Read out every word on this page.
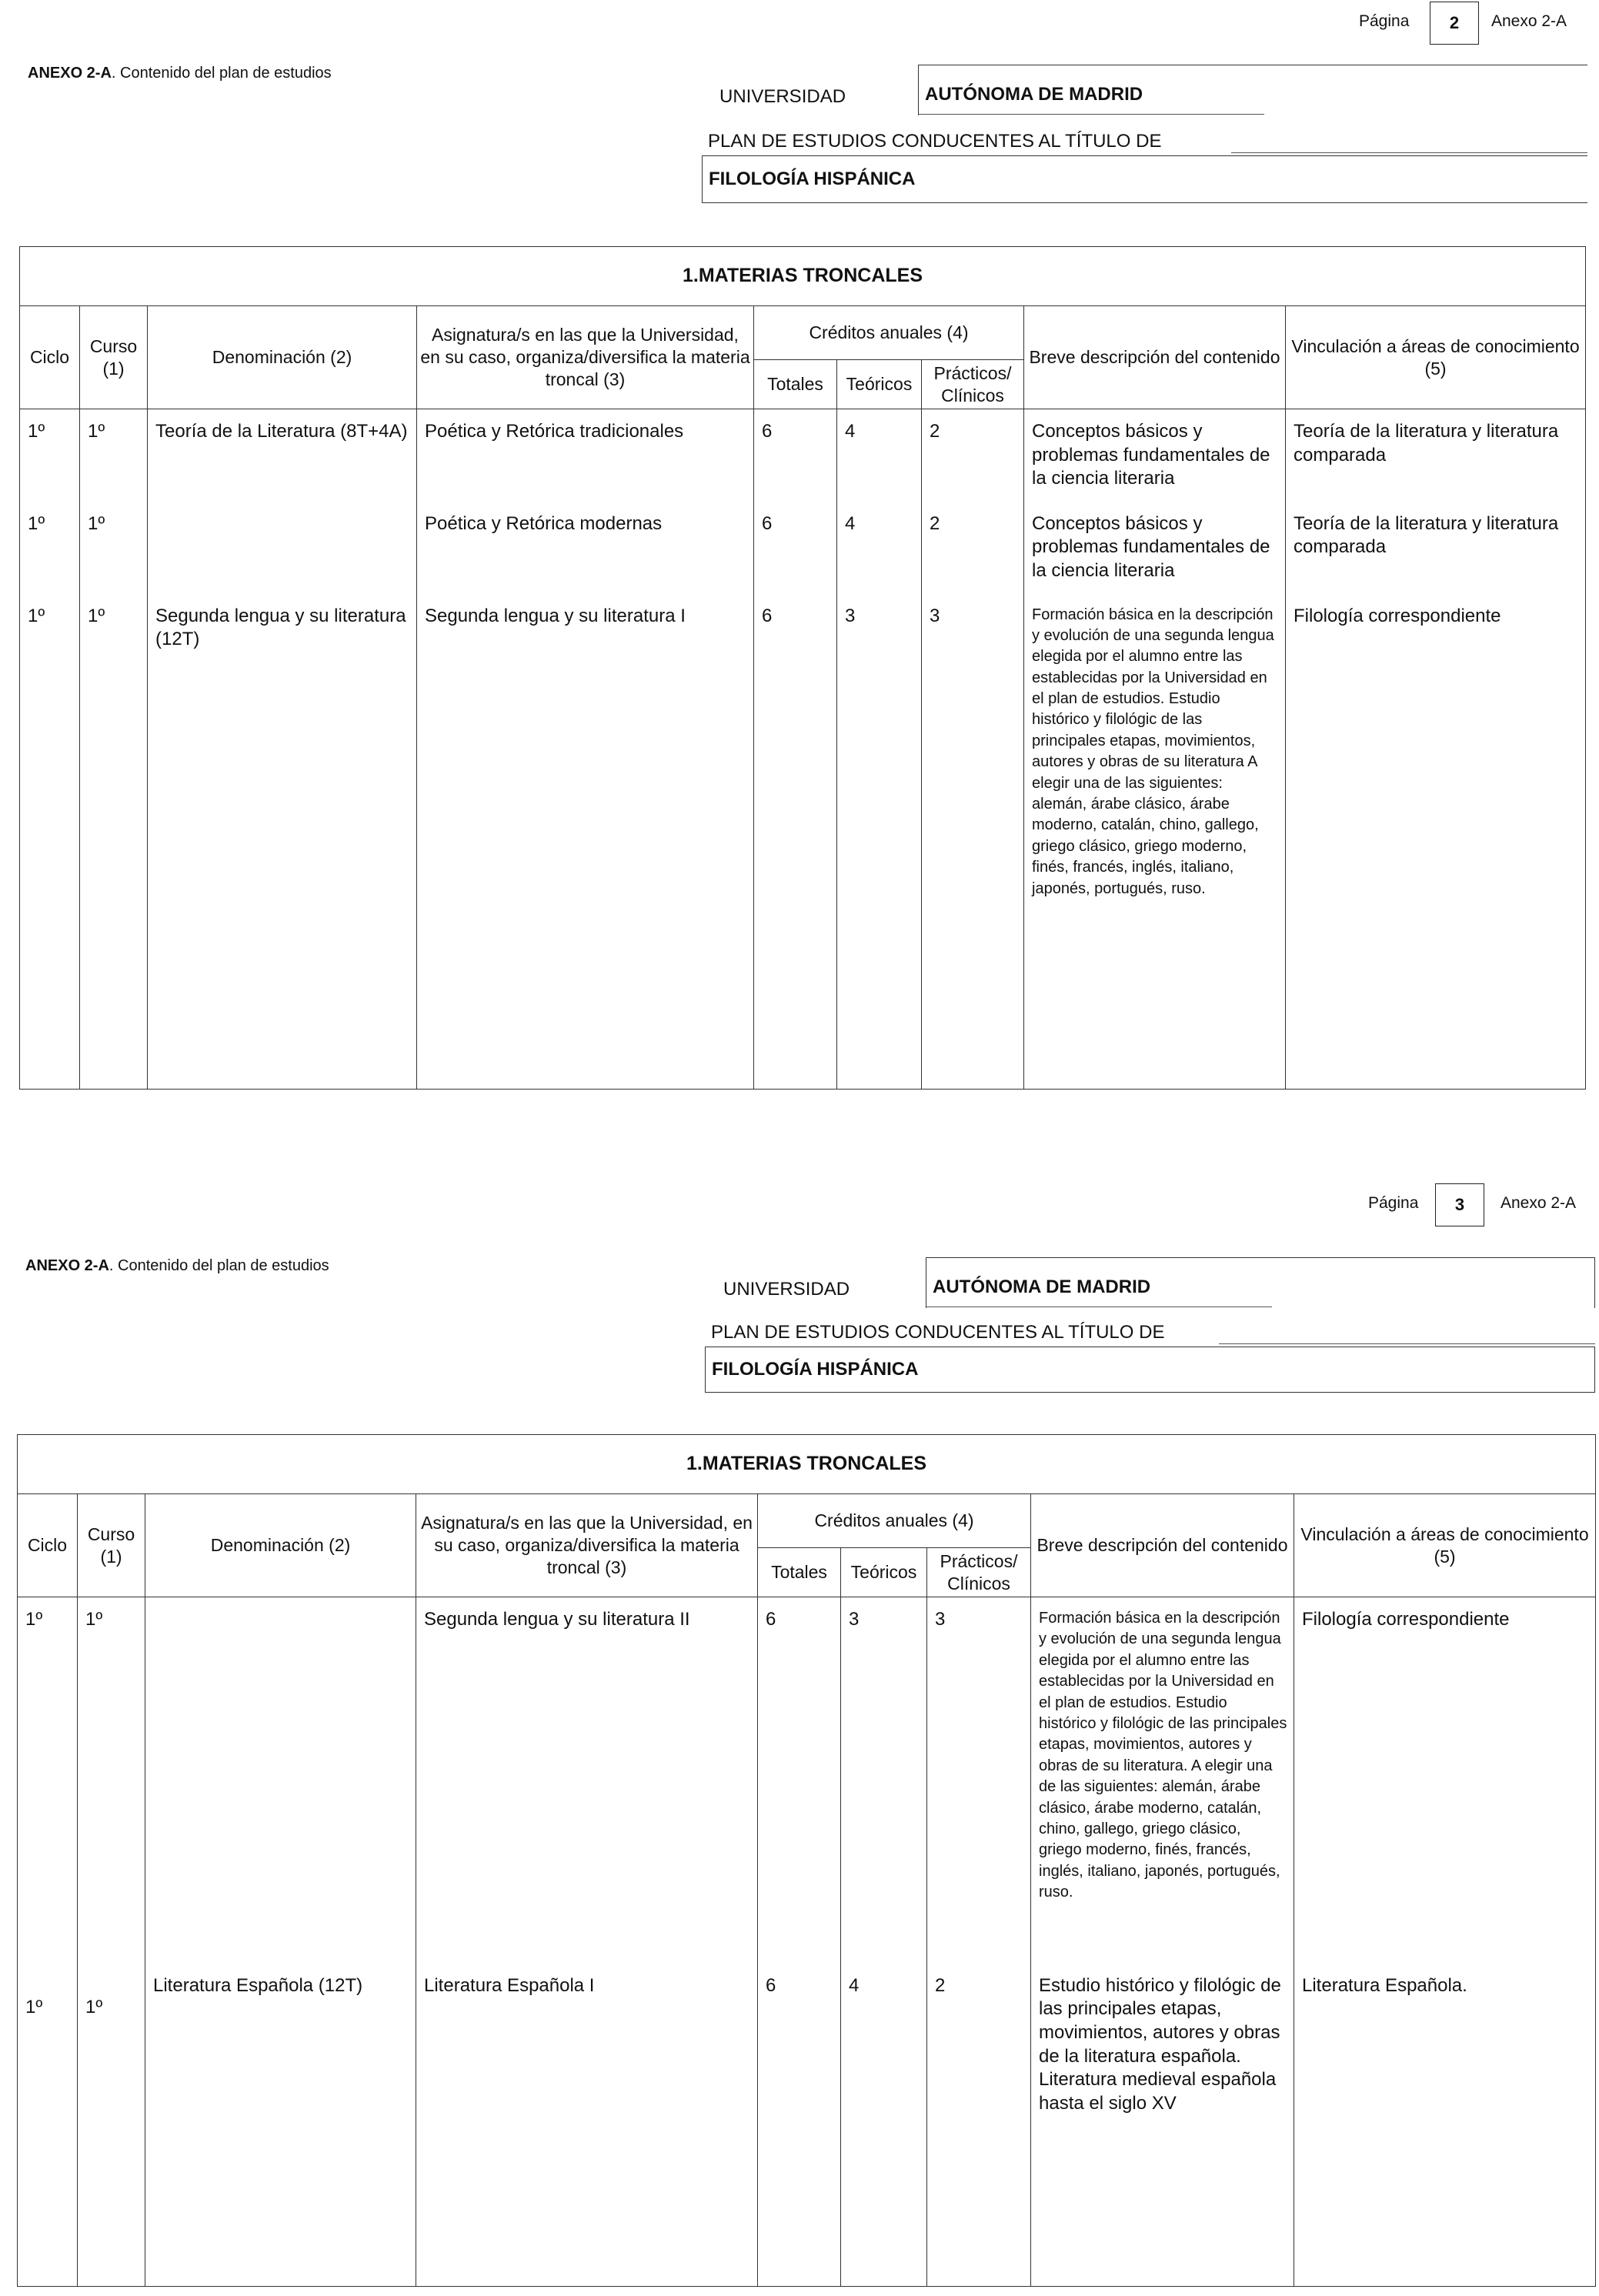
Página	2	Anexo 2-A
ANEXO 2-A. Contenido del plan de estudios
UNIVERSIDAD	AUTÓNOMA DE MADRID
PLAN DE ESTUDIOS CONDUCENTES AL TÍTULO DE
FILOLOGÍA HISPÁNICA
1.MATERIAS TRONCALES								
Ciclo	Curso (1)	Denominación (2)	Asignatura/s en las que la Universidad, en su caso, organiza/diversifica la materia troncal (3)	Créditos anuales (4)			Breve descripción del contenido	Vinculación a áreas de conocimiento (5)
				Totales	Teóricos	Prácticos/ Clínicos		
1º	1º	Teoría de la Literatura (8T+4A)	Poética y Retórica tradicionales	6	4	2	Conceptos básicos y problemas fundamentales de la ciencia literaria	Teoría de la literatura y literatura comparada
1º	1º		Poética y Retórica modernas	6	4	2	Conceptos básicos y problemas fundamentales de la ciencia literaria	Teoría de la literatura y literatura comparada
1º	1º	Segunda lengua y su literatura (12T)	Segunda lengua y su literatura I	6	3	3	Formación básica en la descripción y evolución de una segunda lengua elegida por el alumno entre las establecidas por la Universidad en el plan de estudios. Estudio histórico y filológic de las principales etapas, movimientos, autores y obras de su literatura A elegir una de las siguientes: alemán, árabe clásico, árabe moderno, catalán, chino, gallego, griego clásico, griego moderno, finés, francés, inglés, italiano, japonés, portugués, ruso.	Filología correspondiente
Página	3	Anexo 2-A
ANEXO 2-A. Contenido del plan de estudios
UNIVERSIDAD	AUTÓNOMA DE MADRID
PLAN DE ESTUDIOS CONDUCENTES AL TÍTULO DE
FILOLOGÍA HISPÁNICA
1.MATERIAS TRONCALES								
Ciclo	Curso (1)	Denominación (2)	Asignatura/s en las que la Universidad, en su caso, organiza/diversifica la materia troncal (3)	Créditos anuales (4)			Breve descripción del contenido	Vinculación a áreas de conocimiento (5)
				Totales	Teóricos	Prácticos/ Clínicos		
1º	1º		Segunda lengua y su literatura II	6	3	3	Formación básica en la descripción y evolución de una segunda lengua elegida por el alumno entre las establecidas por la Universidad en el plan de estudios. Estudio histórico y filológic de las principales etapas, movimientos, autores y obras de su literatura. A elegir una de las siguientes: alemán, árabe clásico, árabe moderno, catalán, chino, gallego, griego clásico, griego moderno, finés, francés, inglés, italiano, japonés, portugués, ruso.	Filología correspondiente
1º	1º	Literatura Española (12T)	Literatura Española I	6	4	2	Estudio histórico y filológic de las principales etapas, movimientos, autores y obras de la literatura española. Literatura medieval española hasta el siglo XV	Literatura Española.
